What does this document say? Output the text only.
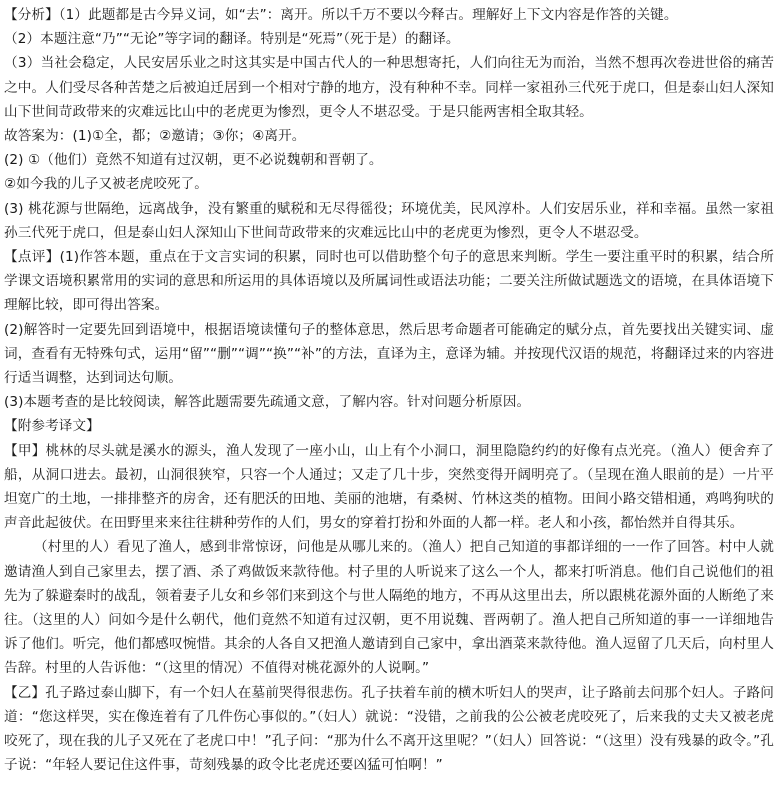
【分析】（1）此题都是古今异义词，如“去”：离开。所以千万不要以今释古。理解好上下文内容是作答的关键。

（2）本题注意“乃”“无论”等字词的翻译。特别是“死焉”（死于是）的翻译。

（3）当社会稳定，人民安居乐业之时这其实是中国古代人的一种思想寄托，人们向往无为而治，当然不想再次卷进世俗的痛苦之中。人们受尽各种苦楚之后被迫迁居到一个相对宁静的地方，没有种种不幸。同样一家祖孙三代死于虎口，但是泰山妇人深知山下世间苛政带来的灾难远比山中的老虎更为惨烈，更令人不堪忍受。于是只能两害相全取其轻。

故答案为：(1)①全，都；②邀请；③你；④离开。

(2) ①（他们）竟然不知道有过汉朝，更不必说魏朝和晋朝了。

②如今我的儿子又被老虎咬死了。

(3) 桃花源与世隔绝，远离战争，没有繁重的赋税和无尽得徭役；环境优美，民风淳朴。人们安居乐业，祥和幸福。虽然一家祖孙三代死于虎口，但是泰山妇人深知山下世间苛政带来的灾难远比山中的老虎更为惨烈，更令人不堪忍受。

【点评】(1)作答本题，重点在于文言实词的积累，同时也可以借助整个句子的意思来判断。学生一要注重平时的积累，结合所学课文语境积累常用的实词的意思和所运用的具体语境以及所属词性或语法功能；二要关注所做试题选文的语境，在具体语境下理解比较，即可得出答案。

(2)解答时一定要先回到语境中，根据语境读懂句子的整体意思，然后思考命题者可能确定的赋分点，首先要找出关键实词、虚词，查看有无特殊句式，运用“留”“删”“调”“换”“补”的方法，直译为主，意译为辅。并按现代汉语的规范，将翻译过来的内容进行适当调整，达到词达句顺。

(3)本题考查的是比较阅读，解答此题需要先疏通文意，了解内容。针对问题分析原因。

【附参考译文】

【甲】桃林的尽头就是溪水的源头，渔人发现了一座小山，山上有个小洞口，洞里隐隐约约的好像有点光亮。（渔人）便舍弃了船，从洞口进去。最初，山洞很狭窄，只容一个人通过；又走了几十步，突然变得开阔明亮了。（呈现在渔人眼前的是）一片平坦宽广的土地，一排排整齐的房舍，还有肥沃的田地、美丽的池塘，有桑树、竹林这类的植物。田间小路交错相通，鸡鸣狗吠的声音此起彼伏。在田野里来来往往耕种劳作的人们，男女的穿着打扮和外面的人都一样。老人和小孩，都怡然并自得其乐。

（村里的人）看见了渔人，感到非常惊讶，问他是从哪儿来的。（渔人）把自己知道的事都详细的一一作了回答。村中人就邀请渔人到自己家里去，摆了酒、杀了鸡做饭来款待他。村子里的人听说来了这么一个人，都来打听消息。他们自己说他们的祖先为了躲避秦时的战乱，领着妻子儿女和乡邻们来到这个与世人隔绝的地方，不再从这里出去，所以跟桃花源外面的人断绝了来往。（这里的人）问如今是什么朝代，他们竟然不知道有过汉朝，更不用说魏、晋两朝了。渔人把自己所知道的事一一详细地告诉了他们。听完，他们都感叹惋惜。其余的人各自又把渔人邀请到自己家中，拿出酒菜来款待他。渔人逗留了几天后，向村里人告辞。村里的人告诉他：“（这里的情况）不值得对桃花源外的人说啊。”

【乙】孔子路过泰山脚下，有一个妇人在墓前哭得很悲伤。孔子扶着车前的横木听妇人的哭声，让子路前去问那个妇人。子路问道：“您这样哭，实在像连着有了几件伤心事似的。”（妇人）就说：“没错，之前我的公公被老虎咬死了，后来我的丈夫又被老虎咬死了，现在我的儿子又死在了老虎口中！”孔子问：“那为什么不离开这里呢？”（妇人）回答说：“（这里）没有残暴的政令。”孔子说：“年轻人要记住这件事，苛刻残暴的政令比老虎还要凶猛可怕啊！”
